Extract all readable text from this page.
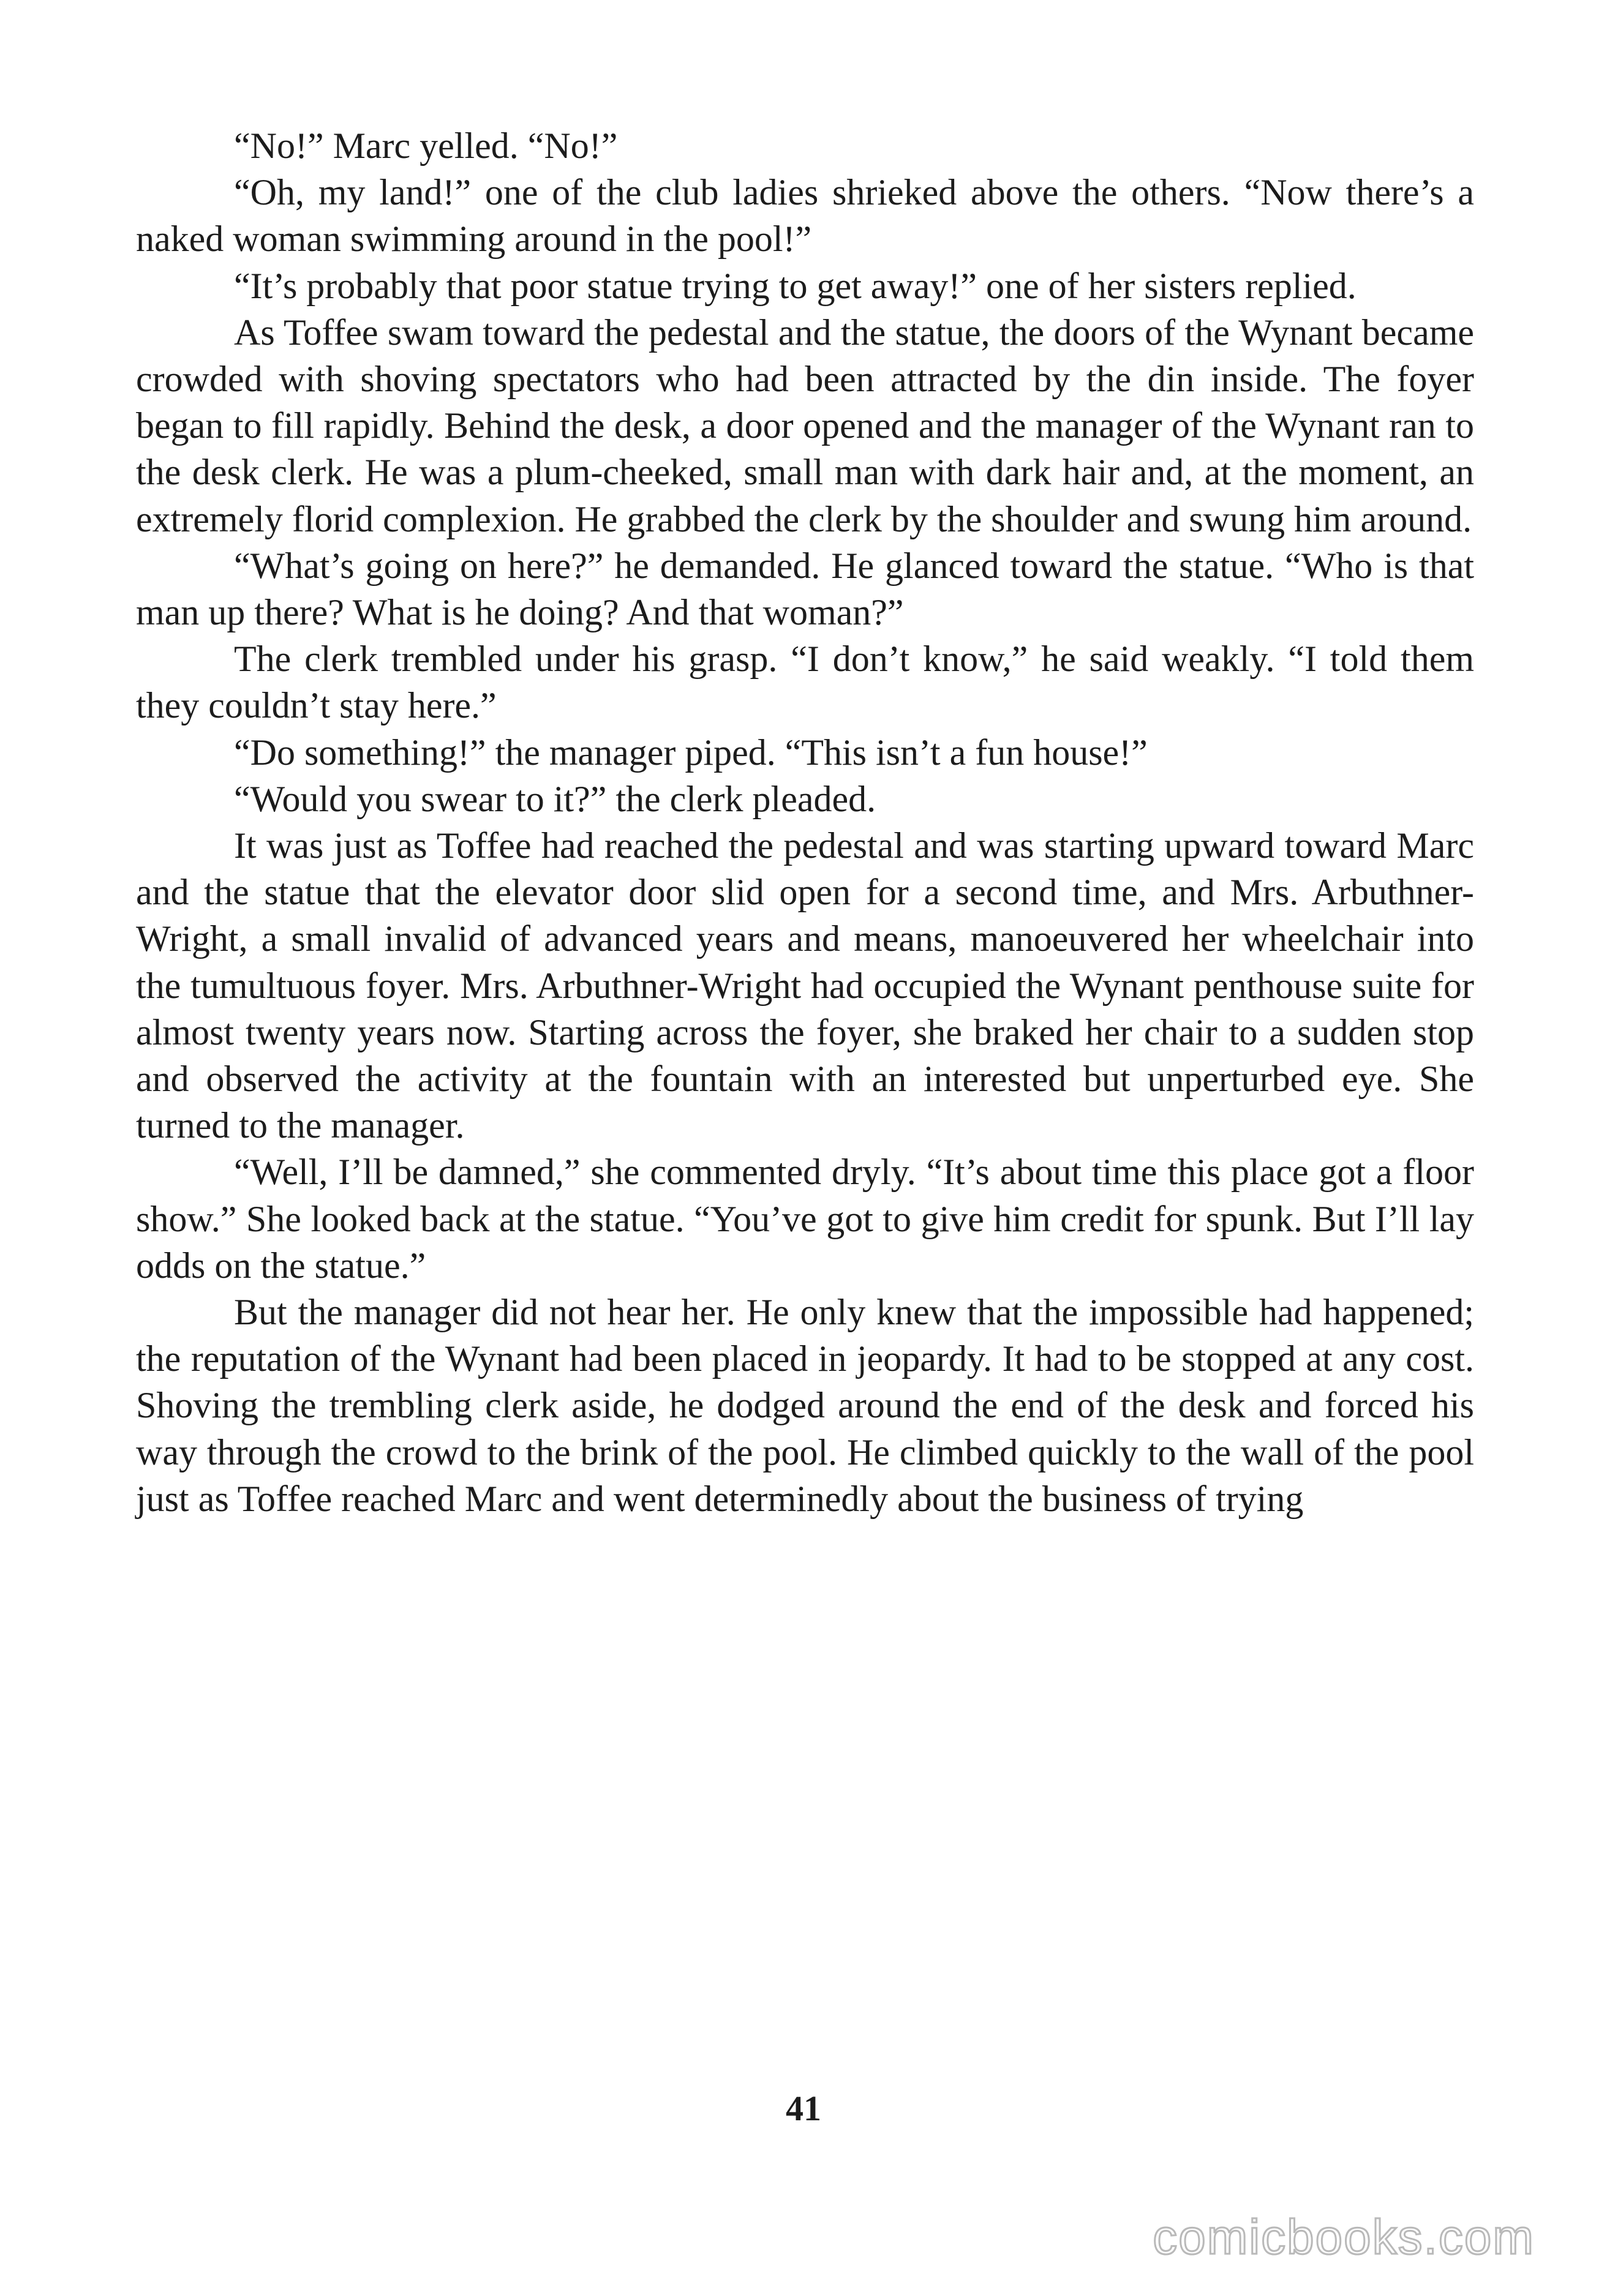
“No!” Marc yelled. “No!”

“Oh, my land!” one of the club ladies shrieked above the others. “Now there’s a naked woman swimming around in the pool!”

“It’s probably that poor statue trying to get away!” one of her sisters replied.

As Toffee swam toward the pedestal and the statue, the doors of the Wynant became crowded with shoving spectators who had been attracted by the din inside. The foyer began to fill rapidly. Behind the desk, a door opened and the manager of the Wynant ran to the desk clerk. He was a plum-cheeked, small man with dark hair and, at the moment, an extremely florid complexion. He grabbed the clerk by the shoulder and swung him around.

“What’s going on here?” he demanded. He glanced toward the statue. “Who is that man up there? What is he doing? And that woman?”

The clerk trembled under his grasp. “I don’t know,” he said weakly. “I told them they couldn’t stay here.”

“Do something!” the manager piped. “This isn’t a fun house!”

“Would you swear to it?” the clerk pleaded.

It was just as Toffee had reached the pedestal and was starting upward toward Marc and the statue that the elevator door slid open for a second time, and Mrs. Arbuthner-Wright, a small invalid of advanced years and means, manoeuvered her wheelchair into the tumultuous foyer. Mrs. Arbuthner-Wright had occupied the Wynant penthouse suite for almost twenty years now. Starting across the foyer, she braked her chair to a sudden stop and observed the activity at the fountain with an interested but unperturbed eye. She turned to the manager.

“Well, I’ll be damned,” she commented dryly. “It’s about time this place got a floor show.” She looked back at the statue. “You’ve got to give him credit for spunk. But I’ll lay odds on the statue.”

But the manager did not hear her. He only knew that the impossible had happened; the reputation of the Wynant had been placed in jeopardy. It had to be stopped at any cost. Shoving the trembling clerk aside, he dodged around the end of the desk and forced his way through the crowd to the brink of the pool. He climbed quickly to the wall of the pool just as Toffee reached Marc and went determinedly about the business of trying

41
comicbooks.com
